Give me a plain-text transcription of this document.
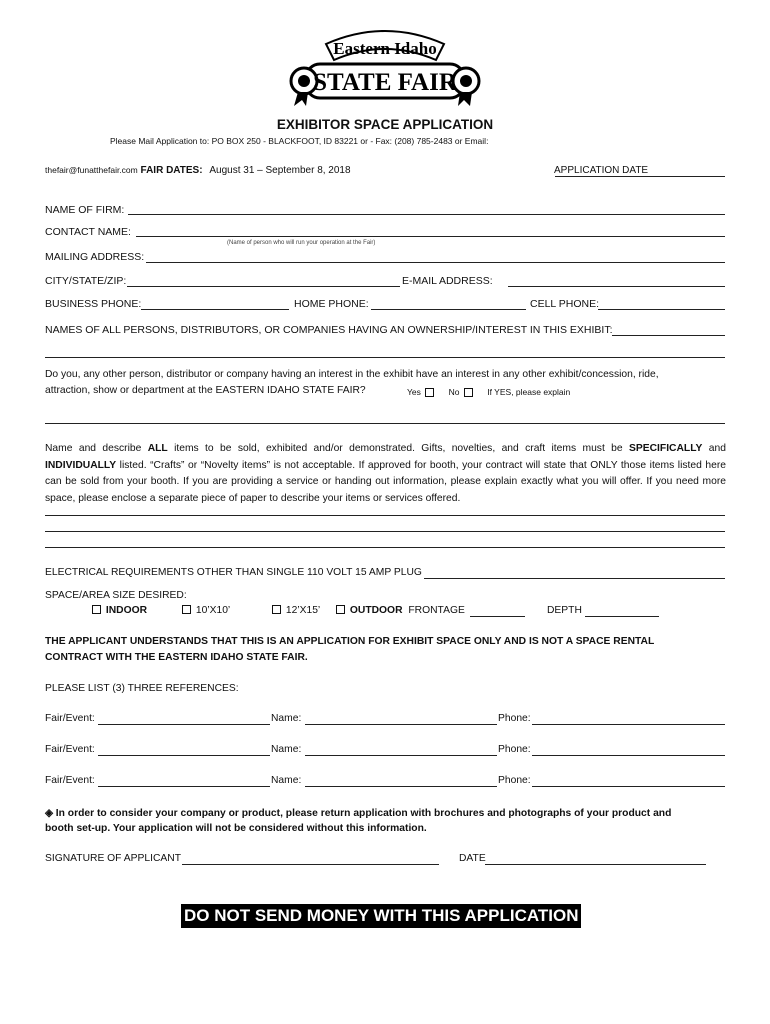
Eastern Idaho
STATE FAIR
EXHIBITOR SPACE APPLICATION
Please Mail Application to: PO BOX 250 - BLACKFOOT, ID 83221 or - Fax: (208) 785-2483 or Email:
thefair@funatthefair.com FAIR DATES: August 31 – September 8, 2018	APPLICATION DATE
NAME OF FIRM:
CONTACT NAME:
(Name of person who will run your operation at the Fair)
MAILING ADDRESS:
CITY/STATE/ZIP:	E-MAIL ADDRESS:
BUSINESS PHONE:	HOME PHONE:	CELL PHONE:
NAMES OF ALL PERSONS, DISTRIBUTORS, OR COMPANIES HAVING AN OWNERSHIP/INTEREST IN THIS EXHIBIT:
Do you, any other person, distributor or company having an interest in the exhibit have an interest in any other exhibit/concession, ride,
attraction, show or department at the EASTERN IDAHO STATE FAIR?	Yes	No	If YES, please explain
Name and describe ALL items to be sold, exhibited and/or demonstrated. Gifts, novelties, and craft items must be SPECIFICALLY and INDIVIDUALLY listed. “Crafts” or “Novelty items” is not acceptable. If approved for booth, your contract will state that ONLY those items listed here can be sold from your booth. If you are providing a service or handing out information, please explain exactly what you will offer. If you need more space, please enclose a separate piece of paper to describe your items or services offered.
ELECTRICAL REQUIREMENTS OTHER THAN SINGLE 110 VOLT 15 AMP PLUG
SPACE/AREA SIZE DESIRED:
INDOOR	10’X10’	12’X15’	OUTDOOR FRONTAGE	DEPTH
THE APPLICANT UNDERSTANDS THAT THIS IS AN APPLICATION FOR EXHIBIT SPACE ONLY AND IS NOT A SPACE RENTAL
CONTRACT WITH THE EASTERN IDAHO STATE FAIR.
PLEASE LIST (3) THREE REFERENCES:
Fair/Event:	Name:	Phone:
Fair/Event:	Name:	Phone:
Fair/Event:	Name:	Phone:
◈ In order to consider your company or product, please return application with brochures and photographs of your product and
booth set-up. Your application will not be considered without this information.
SIGNATURE OF APPLICANT	DATE
DO NOT SEND MONEY WITH THIS APPLICATION
